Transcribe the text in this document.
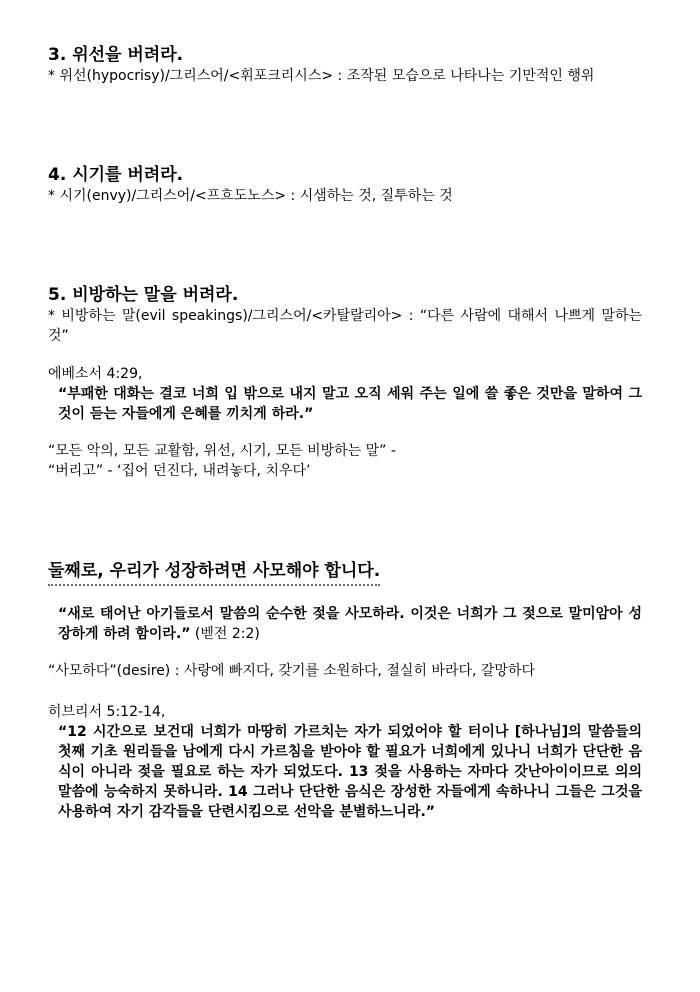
3. 위선을 버려라.

* 위선(hypocrisy)/그리스어/<휘포크리시스> : 조작된 모습으로 나타나는 기만적인 행위

4. 시기를 버려라.

* 시기(envy)/그리스어/<프흐도노스> : 시샘하는 것, 질투하는 것

5. 비방하는 말을 버려라.

* 비방하는 말(evil speakings)/그리스어/<카탈랄리아> : “다른 사람에 대해서 나쁘게 말하는 것”

에베소서 4:29,

“부패한 대화는 결코 너희 입 밖으로 내지 말고 오직 세워 주는 일에 쓸 좋은 것만을 말하여 그것이 듣는 자들에게 은혜를 끼치게 하라.”

“모든 악의, 모든 교활함, 위선, 시기, 모든 비방하는 말” -

“버리고” - ‘집어 던진다, 내려놓다, 치우다’

둘째로, 우리가 성장하려면 사모해야 합니다.

“새로 태어난 아기들로서 말씀의 순수한 젖을 사모하라. 이것은 너희가 그 젖으로 말미암아 성장하게 하려 함이라.” (벧전 2:2)

“사모하다”(desire) : 사랑에 빠지다, 갖기를 소원하다, 절실히 바라다, 갈망하다

히브리서 5:12-14,

“12 시간으로 보건대 너희가 마땅히 가르치는 자가 되었어야 할 터이나 [하나님]의 말씀들의 첫째 기초 원리들을 남에게 다시 가르침을 받아야 할 필요가 너희에게 있나니 너희가 단단한 음식이 아니라 젖을 필요로 하는 자가 되었도다. 13 젖을 사용하는 자마다 갓난아이이므로 의의 말씀에 능숙하지 못하니라. 14 그러나 단단한 음식은 장성한 자들에게 속하나니 그들은 그것을 사용하여 자기 감각들을 단련시킴으로 선악을 분별하느니라.”
